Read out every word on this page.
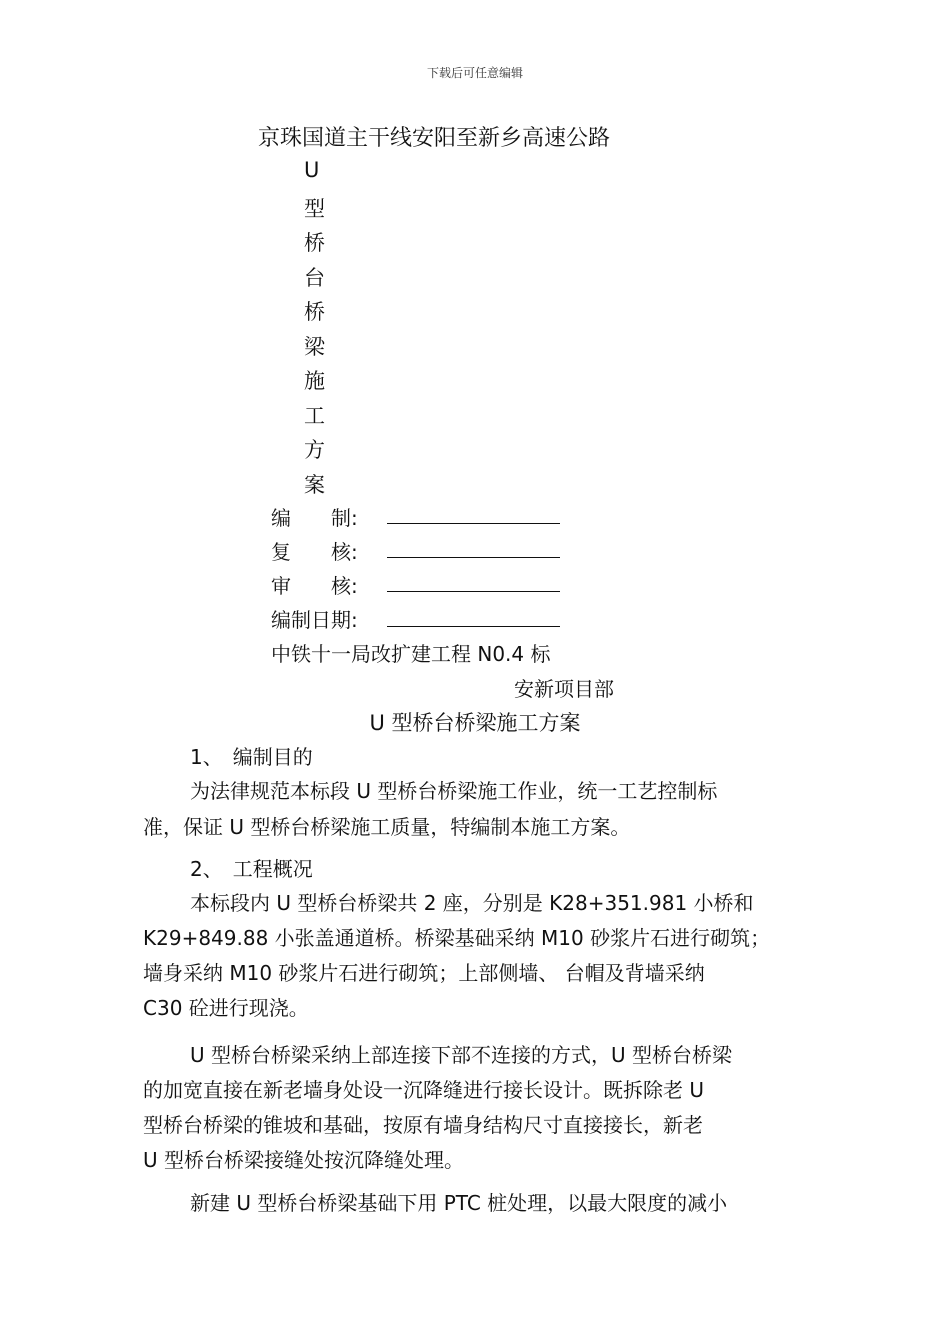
下载后可任意编辑
京珠国道主干线安阳至新乡高速公路
U
型
桥
台
桥
梁
施
工
方
案
编　　制:
复　　核:
审　　核:
编制日期:
中铁十一局改扩建工程 N0.4 标
安新项目部
U 型桥台桥梁施工方案
1、　编制目的
为法律规范本标段 U 型桥台桥梁施工作业，统一工艺控制标
准，保证 U 型桥台桥梁施工质量，特编制本施工方案。
2、　工程概况
本标段内 U 型桥台桥梁共 2 座，分别是 K28+351.981 小桥和
K29+849.88 小张盖通道桥。桥梁基础采纳 M10 砂浆片石进行砌筑；
墙身采纳 M10 砂浆片石进行砌筑；上部侧墙、 台帽及背墙采纳
C30 砼进行现浇。
U 型桥台桥梁采纳上部连接下部不连接的方式，U 型桥台桥梁
的加宽直接在新老墙身处设一沉降缝进行接长设计。既拆除老 U
型桥台桥梁的锥坡和基础，按原有墙身结构尺寸直接接长，新老
U 型桥台桥梁接缝处按沉降缝处理。
新建 U 型桥台桥梁基础下用 PTC 桩处理，以最大限度的减小
